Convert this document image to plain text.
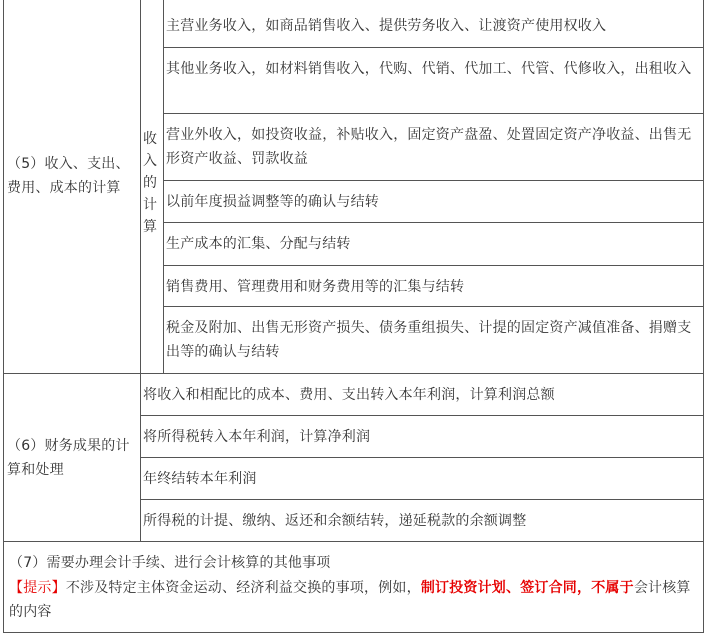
（5）收入、支出、费用、成本的计算
收入的计算
主营业务收入，如商品销售收入、提供劳务收入、让渡资产使用权收入
其他业务收入，如材料销售收入，代购、代销、代加工、代管、代修收入，出租收入
营业外收入，如投资收益，补贴收入，固定资产盘盈、处置固定资产净收益、出售无形资产收益、罚款收益
以前年度损益调整等的确认与结转
生产成本的汇集、分配与结转
销售费用、管理费用和财务费用等的汇集与结转
税金及附加、出售无形资产损失、债务重组损失、计提的固定资产减值准备、捐赠支出等的确认与结转
（6）财务成果的计算和处理
将收入和相配比的成本、费用、支出转入本年利润，计算利润总额
将所得税转入本年利润，计算净利润
年终结转本年利润
所得税的计提、缴纳、返还和余额结转，递延税款的余额调整
（7）需要办理会计手续、进行会计核算的其他事项
【提示】不涉及特定主体资金运动、经济利益交换的事项，例如，制订投资计划、签订合同，不属于会计核算的内容
